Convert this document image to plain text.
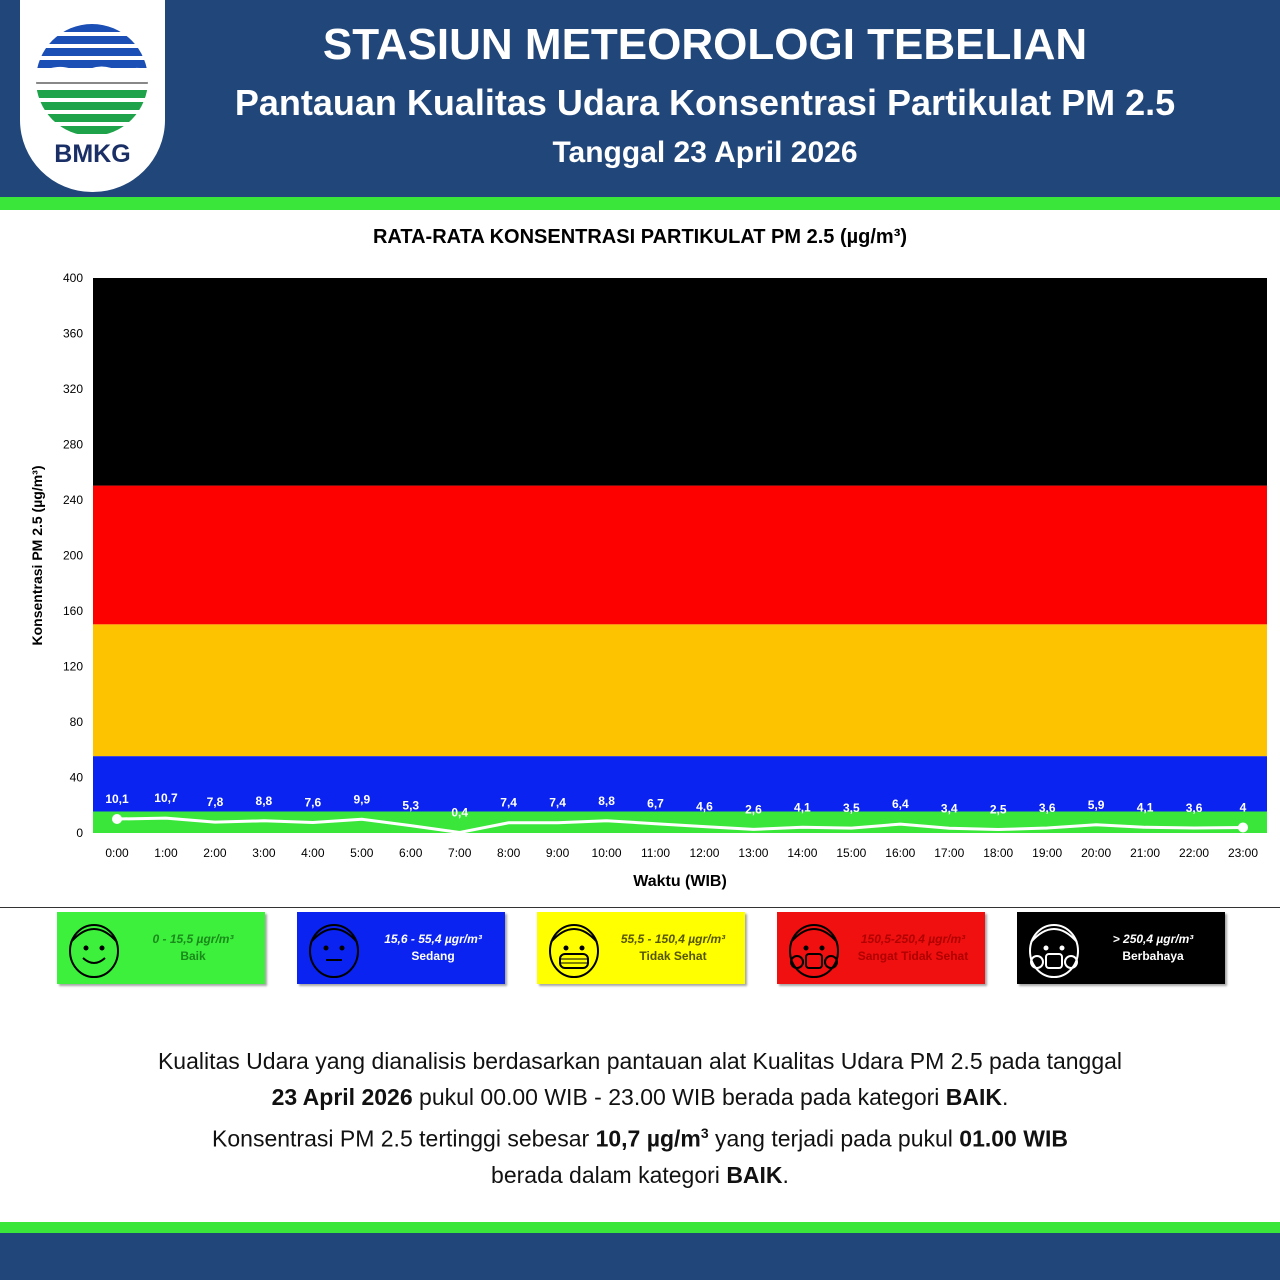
BMKG
STASIUN METEOROLOGI TEBELIAN
Pantauan Kualitas Udara Konsentrasi Partikulat PM 2.5
Tanggal 23 April 2026
RATA-RATA KONSENTRASI PARTIKULAT PM 2.5 (µg/m³)
0
40
80
120
160
200
240
280
320
360
400
0:00 1:00 2:00 3:00 4:00 5:00 6:00 7:00 8:00 9:00 10:00 11:00 12:00 13:00 14:00 15:00 16:00 17:00 18:00 19:00 20:00 21:00 22:00 23:00
10,1 10,7 7,8	8,8	7,6	9,9	5,3	0,4
7,4	7,4	8,8	6,7	4,6	2,6	4,1	3,5	6,4	3,4	2,5	3,6	5,9	4,1	3,6	4
Konsentrasi PM 2.5 (µg/m³)
Waktu (WIB)
0 - 15,5 µgr/m³
Baik
15,6 - 55,4 µgr/m³
Sedang
55,5 - 150,4 µgr/m³
Tidak Sehat
150,5-250,4 µgr/m³
Sangat Tidak Sehat
> 250,4 µgr/m³
Berbahaya
Kualitas Udara yang dianalisis berdasarkan pantauan alat Kualitas Udara PM 2.5 pada tanggal
23 April 2026 pukul 00.00 WIB - 23.00 WIB berada pada kategori BAIK.
Konsentrasi PM 2.5 tertinggi sebesar 10,7 $\mu g/m^3$ yang terjadi pada pukul 01.00 WIB
berada dalam kategori BAIK.
